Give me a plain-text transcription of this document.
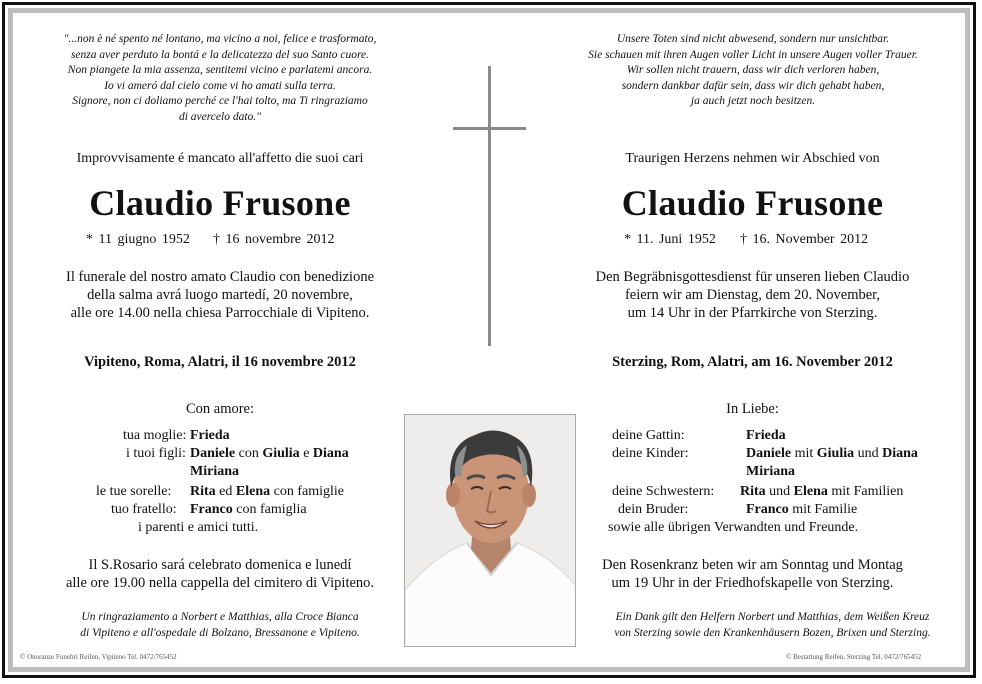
"...non è né spento né lontano, ma vicino a noi, felice e trasformato,
senza aver perduto la bontá e la delicatezza del suo Santo cuore.
Non piangete la mia assenza, sentitemi vicino e parlatemi ancora.
Io vi ameró dal cielo come vi ho amati sulla terra.
Signore, non ci doliamo perché ce l'hai tolto, ma Ti ringraziamo
di avercelo dato."
Improvvisamente é mancato all'affetto die suoi cari
Claudio Frusone
* 11 giugno 1952 † 16 novembre 2012
Il funerale del nostro amato Claudio con benedizione
della salma avrá luogo martedí, 20 novembre,
alle ore 14.00 nella chiesa Parrocchiale di Vipiteno.
Vipiteno, Roma, Alatri, il 16 novembre 2012
Con amore:
tua moglie: Frieda
i tuoi figli: Daniele con Giulia e Diana
Miriana
le tue sorelle: Rita ed Elena con famiglie
tuo fratello: Franco con famiglia
i parenti e amici tutti.
Il S.Rosario sará celebrato domenica e lunedí
alle ore 19.00 nella cappella del cimitero di Vipiteno.
Un ringraziamento a Norbert e Matthias, alla Croce Bianca
di Vipiteno e all'ospedale di Bolzano, Bressanone e Vipiteno.
© Onoranze Funebri Reifen, Vipiteno Tel. 0472/765452
Unsere Toten sind nicht abwesend, sondern nur unsichtbar.
Sie schauen mit ihren Augen voller Licht in unsere Augen voller Trauer.
Wir sollen nicht trauern, dass wir dich verloren haben,
sondern dankbar dafür sein, dass wir dich gehabt haben,
ja auch jetzt noch besitzen.
Traurigen Herzens nehmen wir Abschied von
Claudio Frusone
* 11. Juni 1952 † 16. November 2012
Den Begräbnisgottesdienst für unseren lieben Claudio
feiern wir am Dienstag, dem 20. November,
um 14 Uhr in der Pfarrkirche von Sterzing.
Sterzing, Rom, Alatri, am 16. November 2012
In Liebe:
deine Gattin:	Frieda
deine Kinder:	Daniele mit Giulia und Diana
Miriana
deine Schwestern: Rita und Elena mit Familien
dein Bruder:	Franco mit Familie
sowie alle übrigen Verwandten und Freunde.
Den Rosenkranz beten wir am Sonntag und Montag
um 19 Uhr in der Friedhofskapelle von Sterzing.
Ein Dank gilt den Helfern Norbert und Matthias, dem Weißen Kreuz
von Sterzing sowie den Krankenhäusern Bozen, Brixen und Sterzing.
© Bestattung Reifen, Sterzing Tel. 0472/765452
